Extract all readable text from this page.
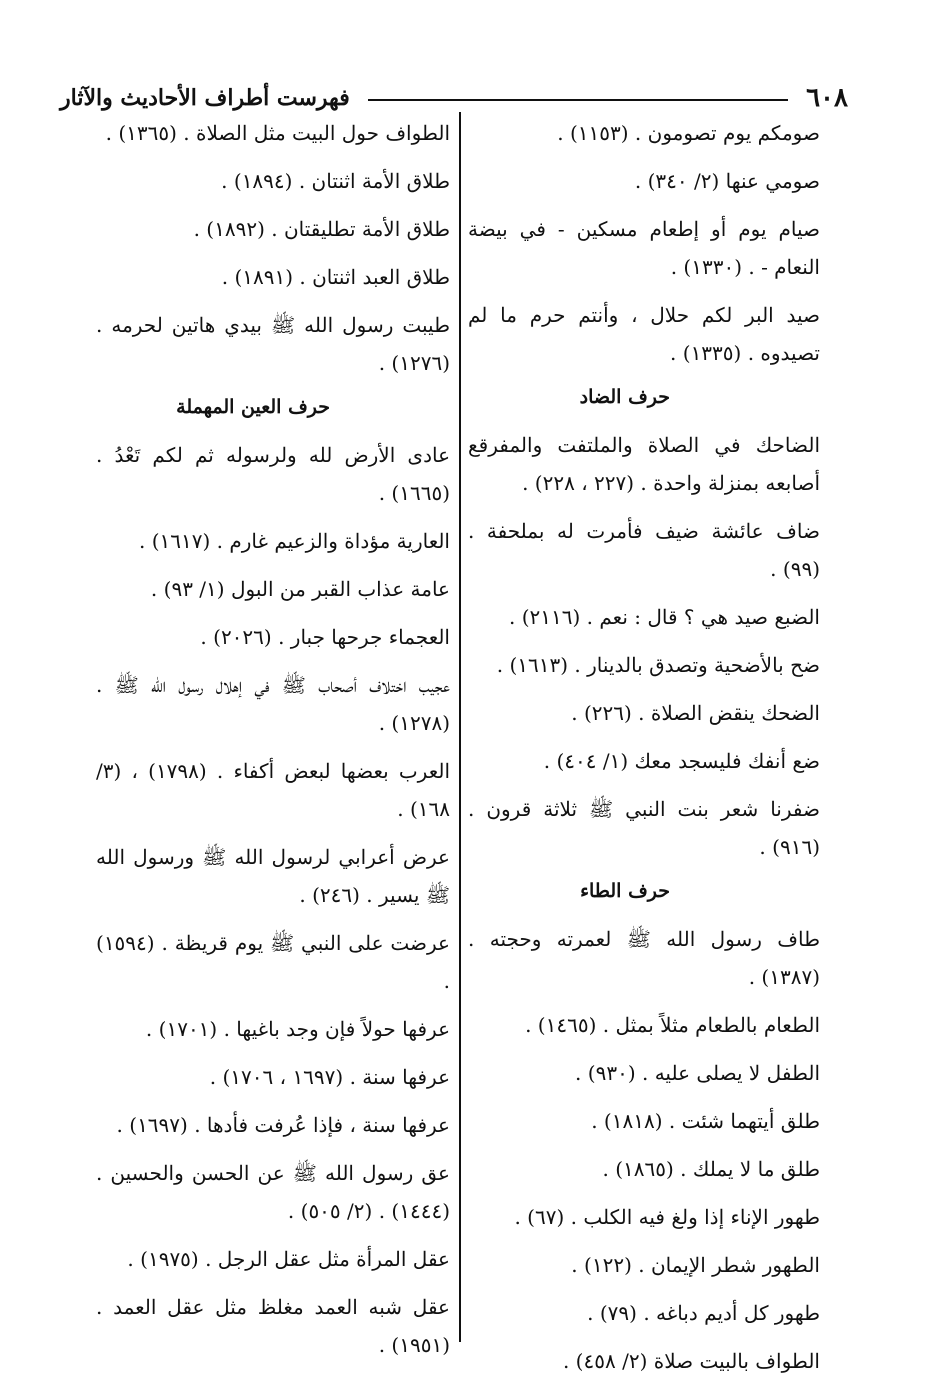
٦٠٨
فهرست أطراف الأحاديث والآثار
صومكم يوم تصومون . (١١٥٣) .
صومي عنها (٢/ ٣٤٠) .
صيام يوم أو إطعام مسكين - في بيضة النعام - . (١٣٣٠) .
صيد البر لكم حلال ، وأنتم حرم ما لم تصيدوه . (١٣٣٥) .
حرف الضاد
الضاحك في الصلاة والملتفت والمفرقع أصابعه بمنزلة واحدة . (٢٢٧ ، ٢٢٨) .
ضاف عائشة ضيف فأمرت له بملحفة . (٩٩) .
الضبع صيد هي ؟ قال : نعم . (٢١١٦) .
ضح بالأضحية وتصدق بالدينار . (١٦١٣) .
الضحك ينقض الصلاة . (٢٢٦) .
ضع أنفك فليسجد معك (١/ ٤٠٤) .
ضفرنا شعر بنت النبي ﷺ ثلاثة قرون . (٩١٦) .
حرف الطاء
طاف رسول الله ﷺ لعمرته وحجته . (١٣٨٧) .
الطعام بالطعام مثلاً بمثل . (١٤٦٥) .
الطفل لا يصلى عليه . (٩٣٠) .
طلق أيتهما شئت . (١٨١٨) .
طلق ما لا يملك . (١٨٦٥) .
طهور الإناء إذا ولغ فيه الكلب . (٦٧) .
الطهور شطر الإيمان . (١٢٢) .
طهور كل أديم دباغه . (٧٩) .
الطواف بالبيت صلاة (٢/ ٤٥٨) .
الطواف حول البيت مثل الصلاة . (١٣٦٥) .
طلاق الأمة اثنتان . (١٨٩٤) .
طلاق الأمة تطليقتان . (١٨٩٢) .
طلاق العبد اثنتان . (١٨٩١) .
طيبت رسول الله ﷺ بيدي هاتين لحرمه . (١٢٧٦) .
حرف العين المهملة
عادى الأرض لله ولرسوله ثم لكم تَعْدُ . (١٦٦٥) .
العارية مؤداة والزعيم غارم . (١٦١٧) .
عامة عذاب القبر من البول (١/ ٩٣) .
العجماء جرحها جبار . (٢٠٢٦) .
عجيب اختلاف أصحاب ﷺ في إهلال رسول الله ﷺ . (١٢٧٨) .
العرب بعضها لبعض أكفاء . (١٧٩٨) ، (٣/ ١٦٨) .
عرض أعرابي لرسول الله ﷺ ورسول الله ﷺ يسير . (٢٤٦) .
عرضت على النبي ﷺ يوم قريظة . (١٥٩٤) .
عرفها حولاً فإن وجد باغيها . (١٧٠١) .
عرفها سنة . (١٦٩٧ ، ١٧٠٦) .
عرفها سنة ، فإذا عُرفت فأدها . (١٦٩٧) .
عق رسول الله ﷺ عن الحسن والحسين . (١٤٤٤) . (٢/ ٥٠٥) .
عقل المرأة مثل عقل الرجل . (١٩٧٥) .
عقل شبه العمد مغلظ مثل عقل العمد . (١٩٥١) .
